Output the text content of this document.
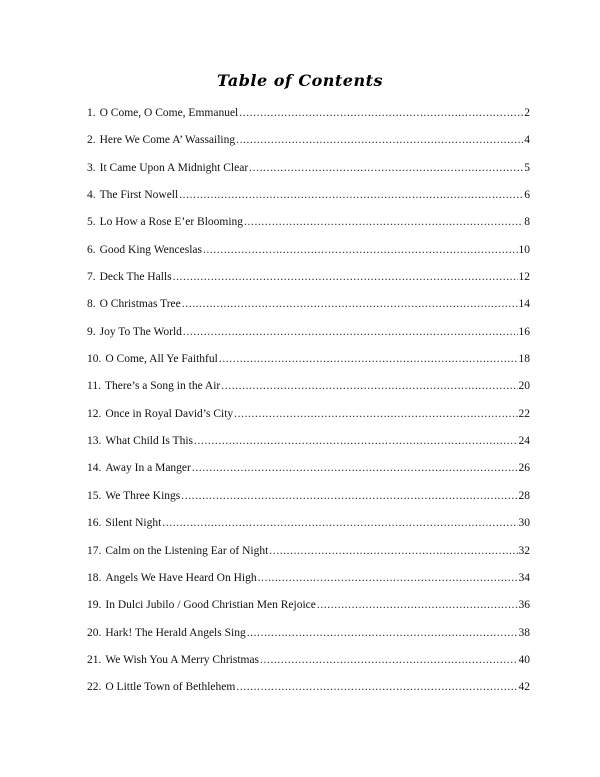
Table of Contents
1. O Come, O Come, Emmanuel .....	2
2. Here We Come A’ Wassailing .....	4
3. It Came Upon A Midnight Clear .....	5
4. The First Nowell .....	6
5. Lo How a Rose E’er Blooming .....	8
6. Good King Wenceslas .....	10
7. Deck The Halls .....	12
8. O Christmas Tree .....	14
9. Joy To The World .....	16
10. O Come, All Ye Faithful .....	18
11. There’s a Song in the Air .....	20
12. Once in Royal David’s City .....	22
13. What Child Is This .....	24
14. Away In a Manger .....	26
15. We Three Kings .....	28
16. Silent Night .....	30
17. Calm on the Listening Ear of Night .....	32
18. Angels We Have Heard On High .....	34
19. In Dulci Jubilo / Good Christian Men Rejoice .....	36
20. Hark! The Herald Angels Sing .....	38
21. We Wish You A Merry Christmas .....	40
22. O Little Town of Bethlehem .....	42
